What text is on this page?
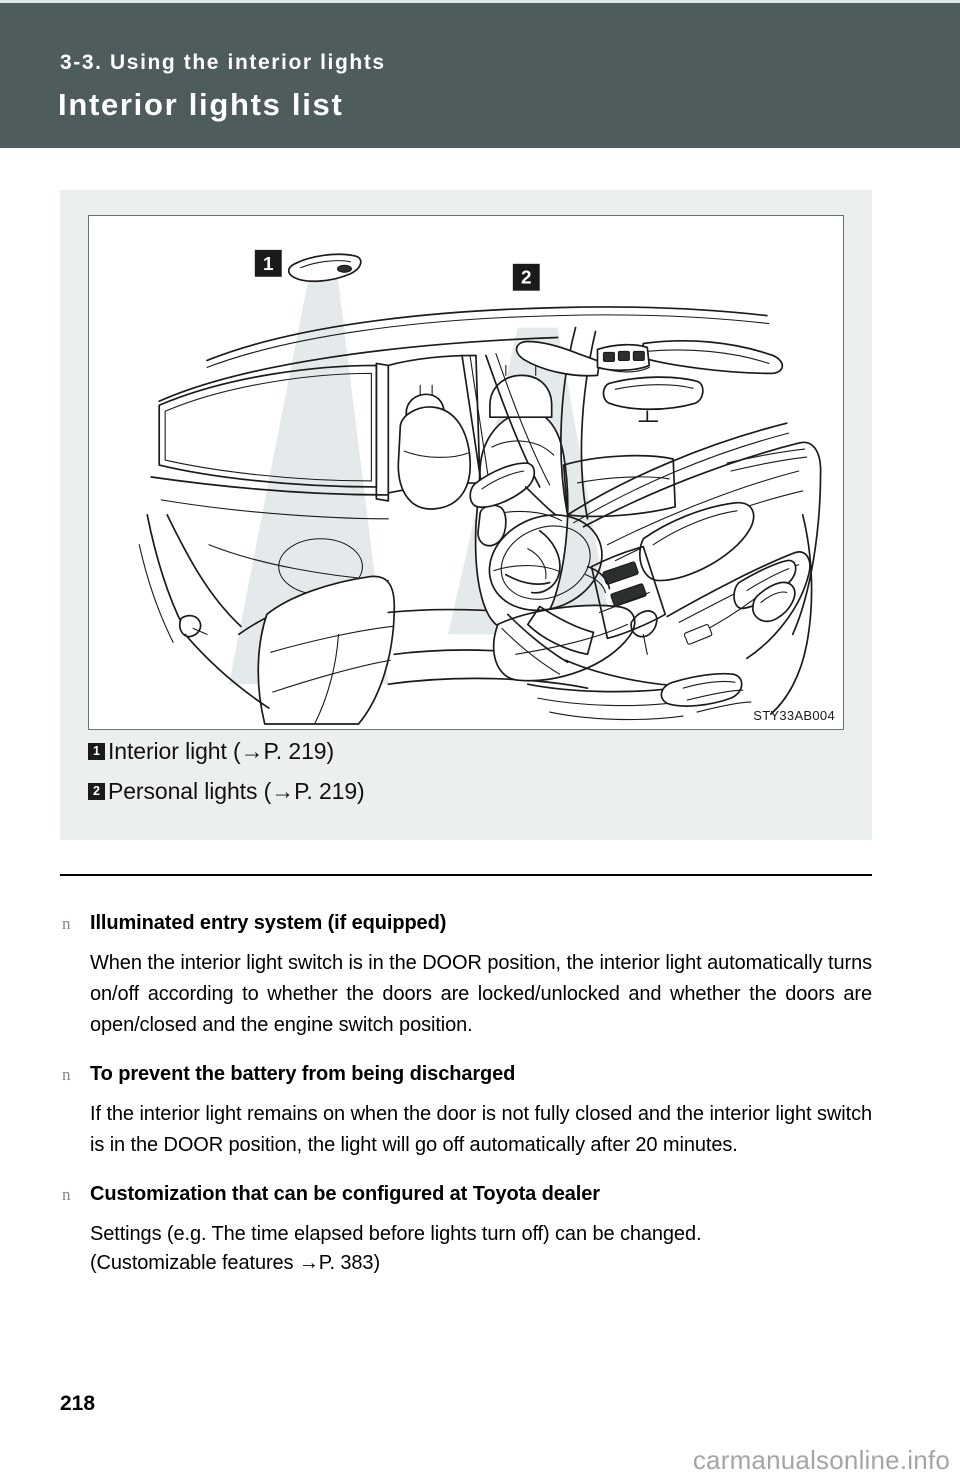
3-3. Using the interior lights
Interior lights list
1
2
STY33AB004
1 Interior light (→P. 219)
2 Personal lights (→P. 219)
n Illuminated entry system (if equipped)

When the interior light switch is in the DOOR position, the interior light automatically turns on/off according to whether the doors are locked/unlocked and whether the doors are open/closed and the engine switch position.

n To prevent the battery from being discharged

If the interior light remains on when the door is not fully closed and the interior light switch is in the DOOR position, the light will go off automatically after 20 minutes.

n Customization that can be configured at Toyota dealer

Settings (e.g. The time elapsed before lights turn off) can be changed.

(Customizable features →P. 383)

218
carmanualsonline.info
